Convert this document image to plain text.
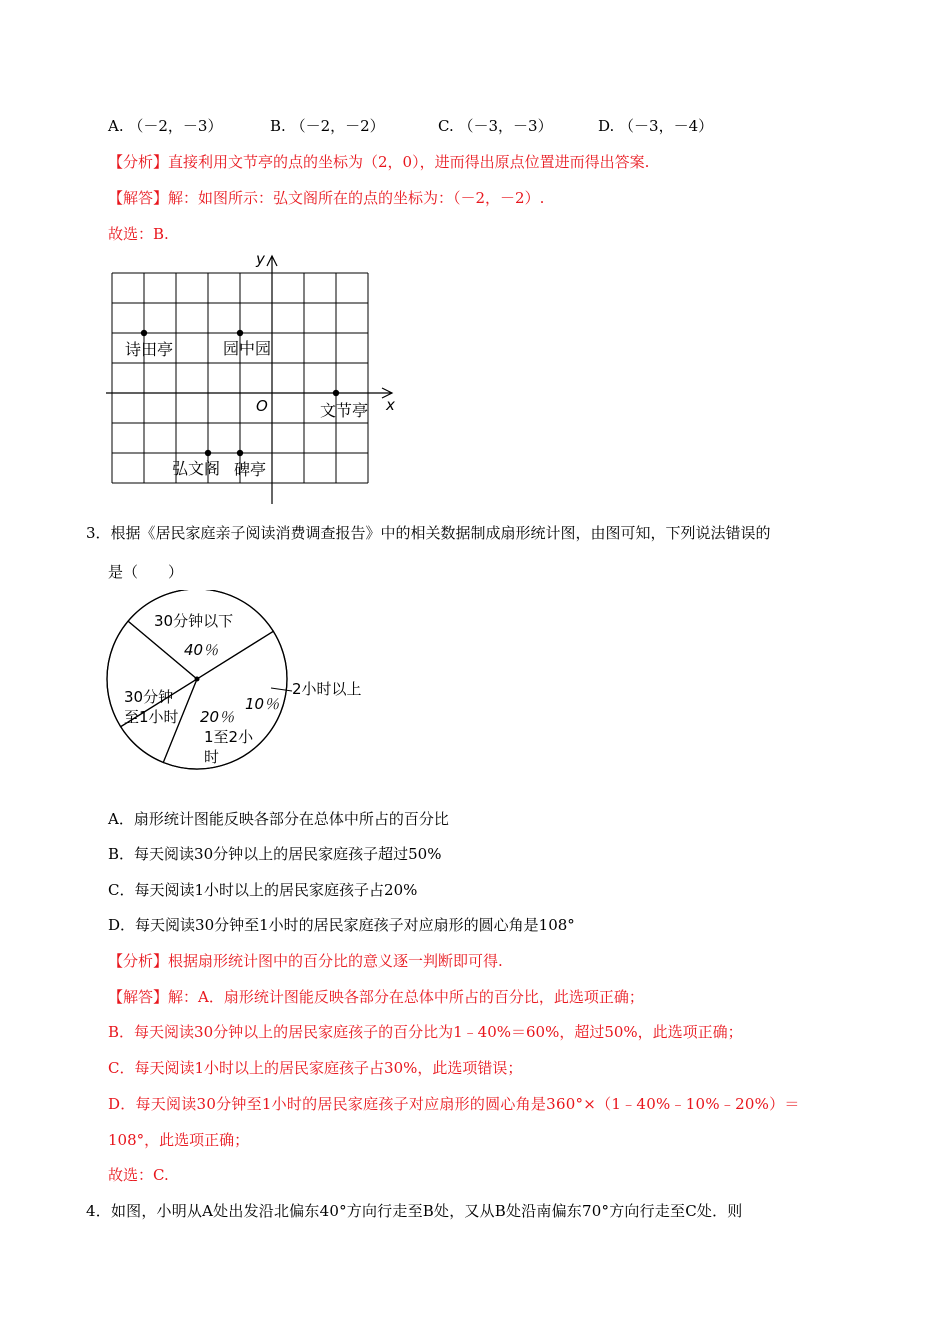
A. （－2，－3）	B. （－2，－2）	C. （－3，－3）	D. （－3，－4）
【分析】直接利用文节亭的点的坐标为（2，0），进而得出原点位置进而得出答案.
【解答】解：如图所示：弘文阁所在的点的坐标为：（－2，－2）.
故选：B.
y
x
O
诗田亭	园中园
文节亭
弘文阁 碑亭
3．根据《居民家庭亲子阅读消费调查报告》中的相关数据制成扇形统计图，由图可知，下列说法错误的
是（　　）
30分钟以下
40％
2小时以上
10％
20％
1至2小
时
30分钟
至1小时
A．扇形统计图能反映各部分在总体中所占的百分比
B．每天阅读30分钟以上的居民家庭孩子超过50%
C．每天阅读1小时以上的居民家庭孩子占20%
D．每天阅读30分钟至1小时的居民家庭孩子对应扇形的圆心角是108°
【分析】根据扇形统计图中的百分比的意义逐一判断即可得.
【解答】解：A．扇形统计图能反映各部分在总体中所占的百分比，此选项正确；
B．每天阅读30分钟以上的居民家庭孩子的百分比为1﹣40%＝60%，超过50%，此选项正确；
C．每天阅读1小时以上的居民家庭孩子占30%，此选项错误；
D．每天阅读30分钟至1小时的居民家庭孩子对应扇形的圆心角是360°×（1﹣40%﹣10%﹣20%）＝
108°，此选项正确；
故选：C.
4．如图，小明从A处出发沿北偏东40°方向行走至B处，又从B处沿南偏东70°方向行走至C处．则
